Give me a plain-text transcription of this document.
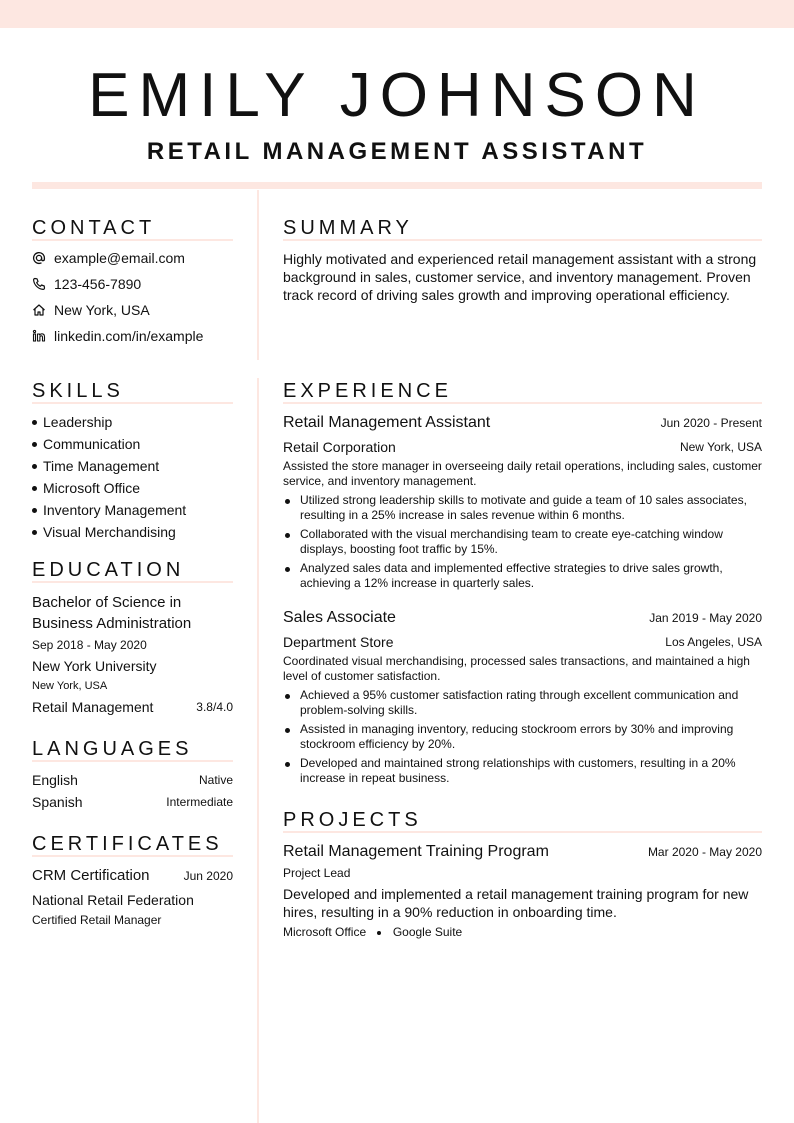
EMILY JOHNSON
RETAIL MANAGEMENT ASSISTANT
CONTACT
example@email.com
123-456-7890
New York, USA
linkedin.com/in/example
SUMMARY
Highly motivated and experienced retail management assistant with a strong background in sales, customer service, and inventory management. Proven track record of driving sales growth and improving operational efficiency.
SKILLS
Leadership
Communication
Time Management
Microsoft Office
Inventory Management
Visual Merchandising
EDUCATION
Bachelor of Science in
Business Administration
Sep 2018 - May 2020
New York University
New York, USA
Retail Management	3.8/4.0
LANGUAGES
English	Native
Spanish	Intermediate
CERTIFICATES
CRM Certification	Jun 2020
National Retail Federation
Certified Retail Manager
EXPERIENCE
Retail Management Assistant	Jun 2020 - Present
Retail Corporation	New York, USA
Assisted the store manager in overseeing daily retail operations, including sales, customer service, and inventory management.
Utilized strong leadership skills to motivate and guide a team of 10 sales associates, resulting in a 25% increase in sales revenue within 6 months.
Collaborated with the visual merchandising team to create eye-catching window displays, boosting foot traffic by 15%.
Analyzed sales data and implemented effective strategies to drive sales growth, achieving a 12% increase in quarterly sales.
Sales Associate	Jan 2019 - May 2020
Department Store	Los Angeles, USA
Coordinated visual merchandising, processed sales transactions, and maintained a high level of customer satisfaction.
Achieved a 95% customer satisfaction rating through excellent communication and problem-solving skills.
Assisted in managing inventory, reducing stockroom errors by 30% and improving stockroom efficiency by 20%.
Developed and maintained strong relationships with customers, resulting in a 20% increase in repeat business.
PROJECTS
Retail Management Training Program	Mar 2020 - May 2020
Project Lead
Developed and implemented a retail management training program for new hires, resulting in a 90% reduction in onboarding time.
Microsoft Office Google Suite
